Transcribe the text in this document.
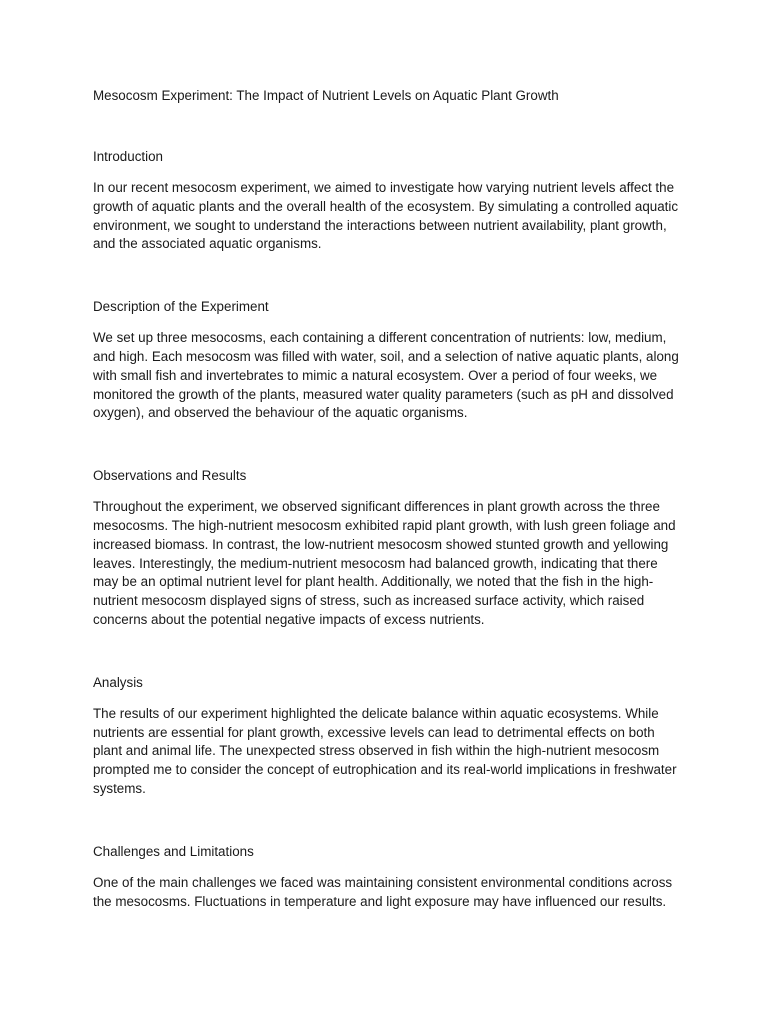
Mesocosm Experiment: The Impact of Nutrient Levels on Aquatic Plant Growth
Introduction

In our recent mesocosm experiment, we aimed to investigate how varying nutrient levels affect the growth of aquatic plants and the overall health of the ecosystem. By simulating a controlled aquatic environment, we sought to understand the interactions between nutrient availability, plant growth, and the associated aquatic organisms.

Description of the Experiment

We set up three mesocosms, each containing a different concentration of nutrients: low, medium, and high. Each mesocosm was filled with water, soil, and a selection of native aquatic plants, along with small fish and invertebrates to mimic a natural ecosystem. Over a period of four weeks, we monitored the growth of the plants, measured water quality parameters (such as pH and dissolved oxygen), and observed the behaviour of the aquatic organisms.

Observations and Results

Throughout the experiment, we observed significant differences in plant growth across the three mesocosms. The high-nutrient mesocosm exhibited rapid plant growth, with lush green foliage and increased biomass. In contrast, the low-nutrient mesocosm showed stunted growth and yellowing leaves. Interestingly, the medium-nutrient mesocosm had balanced growth, indicating that there may be an optimal nutrient level for plant health. Additionally, we noted that the fish in the high-nutrient mesocosm displayed signs of stress, such as increased surface activity, which raised concerns about the potential negative impacts of excess nutrients.

Analysis

The results of our experiment highlighted the delicate balance within aquatic ecosystems. While nutrients are essential for plant growth, excessive levels can lead to detrimental effects on both plant and animal life. The unexpected stress observed in fish within the high-nutrient mesocosm prompted me to consider the concept of eutrophication and its real-world implications in freshwater systems.

Challenges and Limitations

One of the main challenges we faced was maintaining consistent environmental conditions across the mesocosms. Fluctuations in temperature and light exposure may have influenced our results.
